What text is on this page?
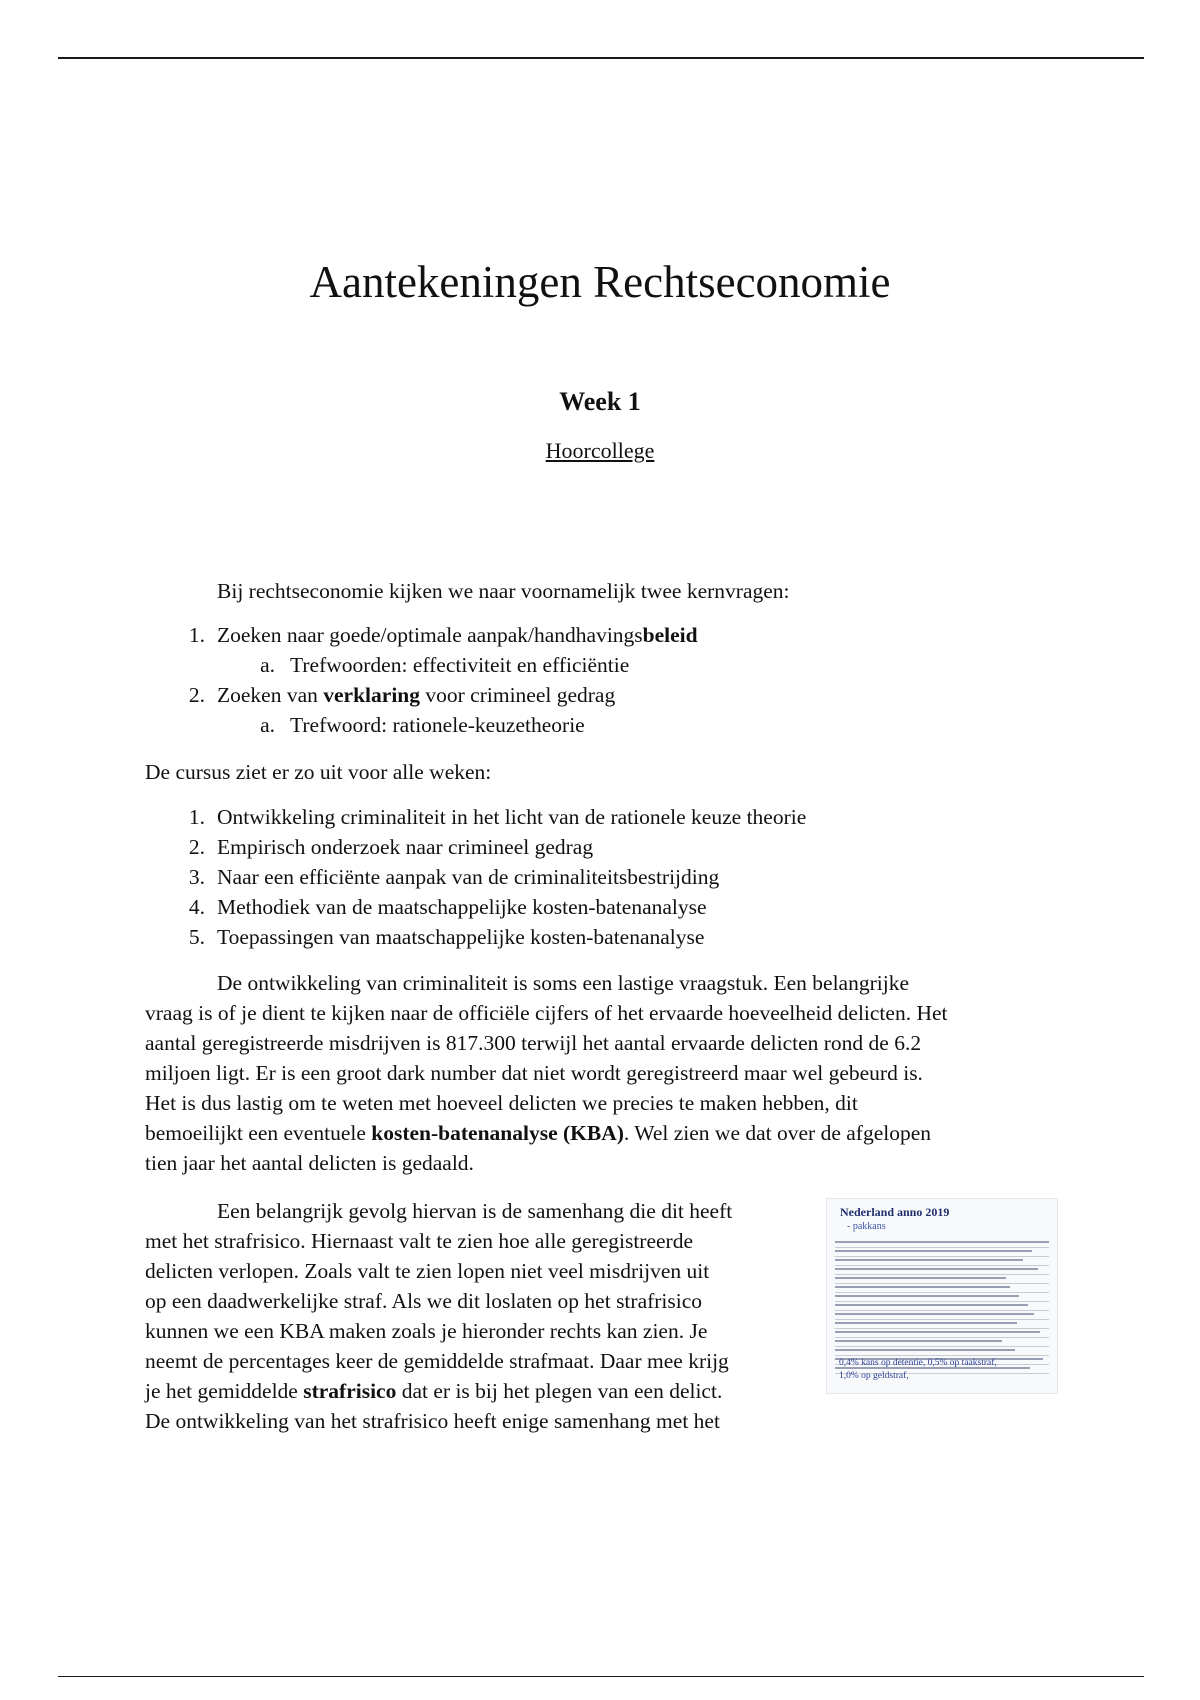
Aantekeningen Rechtseconomie
Week 1
Hoorcollege
Bij rechtseconomie kijken we naar voornamelijk twee kernvragen:
1. Zoeken naar goede/optimale aanpak/handhavingsbeleid
a. Trefwoorden: effectiviteit en efficiëntie
2. Zoeken van verklaring voor crimineel gedrag
a. Trefwoord: rationele-keuzetheorie
De cursus ziet er zo uit voor alle weken:
1. Ontwikkeling criminaliteit in het licht van de rationele keuze theorie
2. Empirisch onderzoek naar crimineel gedrag
3. Naar een efficiënte aanpak van de criminaliteitsbestrijding
4. Methodiek van de maatschappelijke kosten-batenanalyse
5. Toepassingen van maatschappelijke kosten-batenanalyse
De ontwikkeling van criminaliteit is soms een lastige vraagstuk. Een belangrijke
vraag is of je dient te kijken naar de officiële cijfers of het ervaarde hoeveelheid delicten. Het
aantal geregistreerde misdrijven is 817.300 terwijl het aantal ervaarde delicten rond de 6.2
miljoen ligt. Er is een groot dark number dat niet wordt geregistreerd maar wel gebeurd is.
Het is dus lastig om te weten met hoeveel delicten we precies te maken hebben, dit
bemoeilijkt een eventuele kosten-batenanalyse (KBA). Wel zien we dat over de afgelopen
tien jaar het aantal delicten is gedaald.
Een belangrijk gevolg hiervan is de samenhang die dit heeft
met het strafrisico. Hiernaast valt te zien hoe alle geregistreerde
delicten verlopen. Zoals valt te zien lopen niet veel misdrijven uit
op een daadwerkelijke straf. Als we dit loslaten op het strafrisico
kunnen we een KBA maken zoals je hieronder rechts kan zien. Je
neemt de percentages keer de gemiddelde strafmaat. Daar mee krijg
je het gemiddelde strafrisico dat er is bij het plegen van een delict.
De ontwikkeling van het strafrisico heeft enige samenhang met het
Nederland anno 2019
- pakkans
0,4% kans op detentie, 0,5% op taakstraf,
1,0% op geldstraf,
